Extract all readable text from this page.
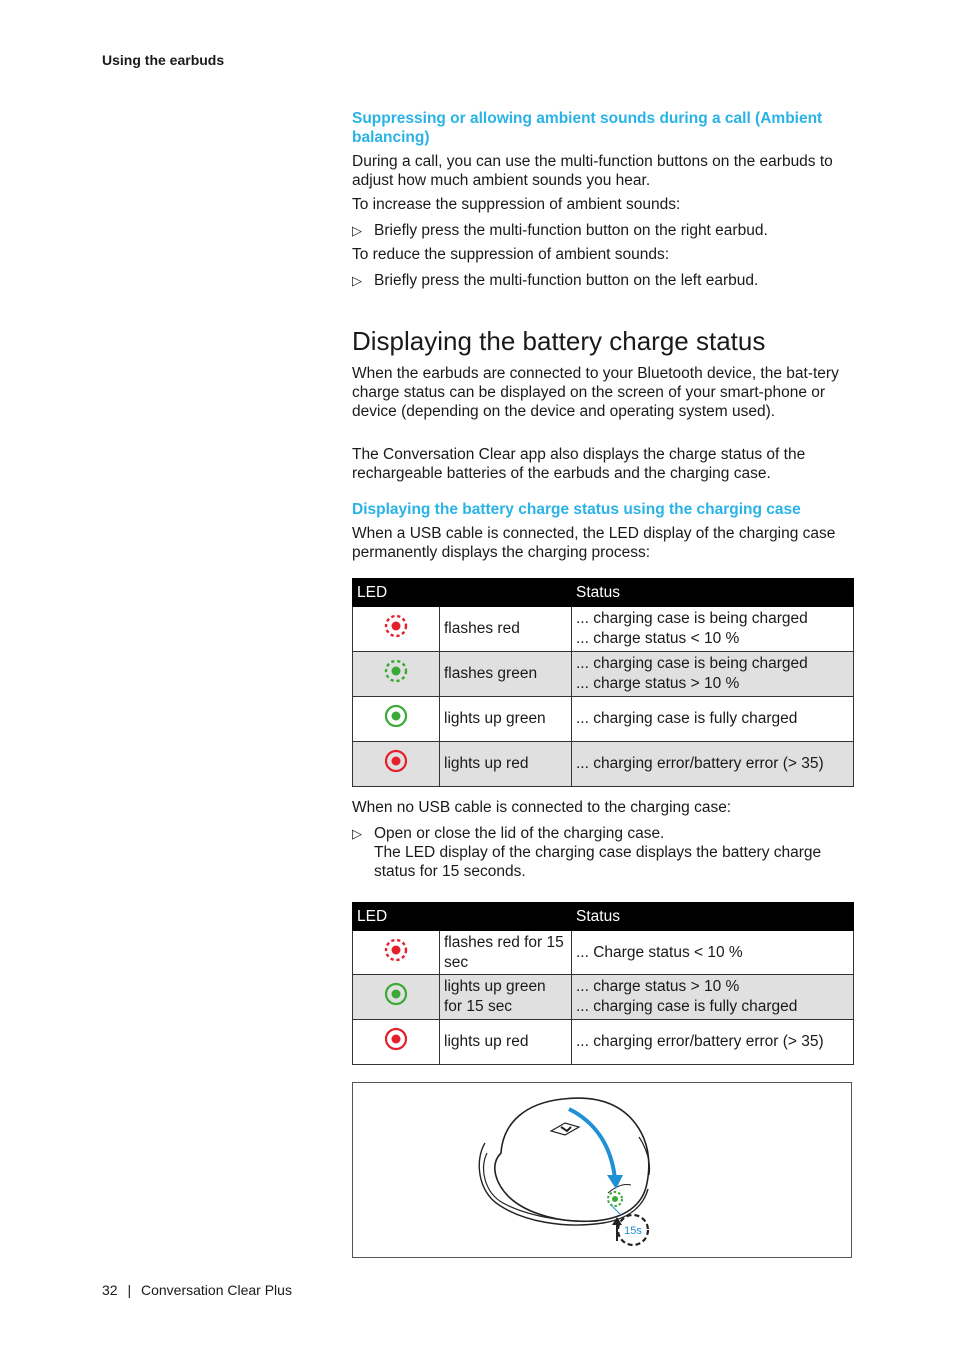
Using the earbuds
Suppressing or allowing ambient sounds during a call (Ambient balancing)
During a call, you can use the multi-function buttons on the earbuds to adjust how much ambient sounds you hear.
To increase the suppression of ambient sounds:
▷ Briefly press the multi-function button on the right earbud.
To reduce the suppression of ambient sounds:
▷ Briefly press the multi-function button on the left earbud.
Displaying the battery charge status
When the earbuds are connected to your Bluetooth device, the bat-tery charge status can be displayed on the screen of your smart-phone or device (depending on the device and operating system used).
The Conversation Clear app also displays the charge status of the rechargeable batteries of the earbuds and the charging case.
Displaying the battery charge status using the charging case
When a USB cable is connected, the LED display of the charging case permanently displays the charging process:
LED		Status
	flashes red	... charging case is being charged
... charge status < 10 %

	flashes green	... charging case is being charged
... charge status > 10 %

	lights up green	... charging case is fully charged

	lights up red	... charging error/battery error (> 35)
When no USB cable is connected to the charging case:
▷ Open or close the lid of the charging case.
The LED display of the charging case displays the battery charge status for 15 seconds.
LED		Status
	flashes red for 15 sec	... Charge status < 10 %

	lights up green for 15 sec	... charge status > 10 %
... charging case is fully charged

	lights up red	... charging error/battery error (> 35)
15s
32 | Conversation Clear Plus
